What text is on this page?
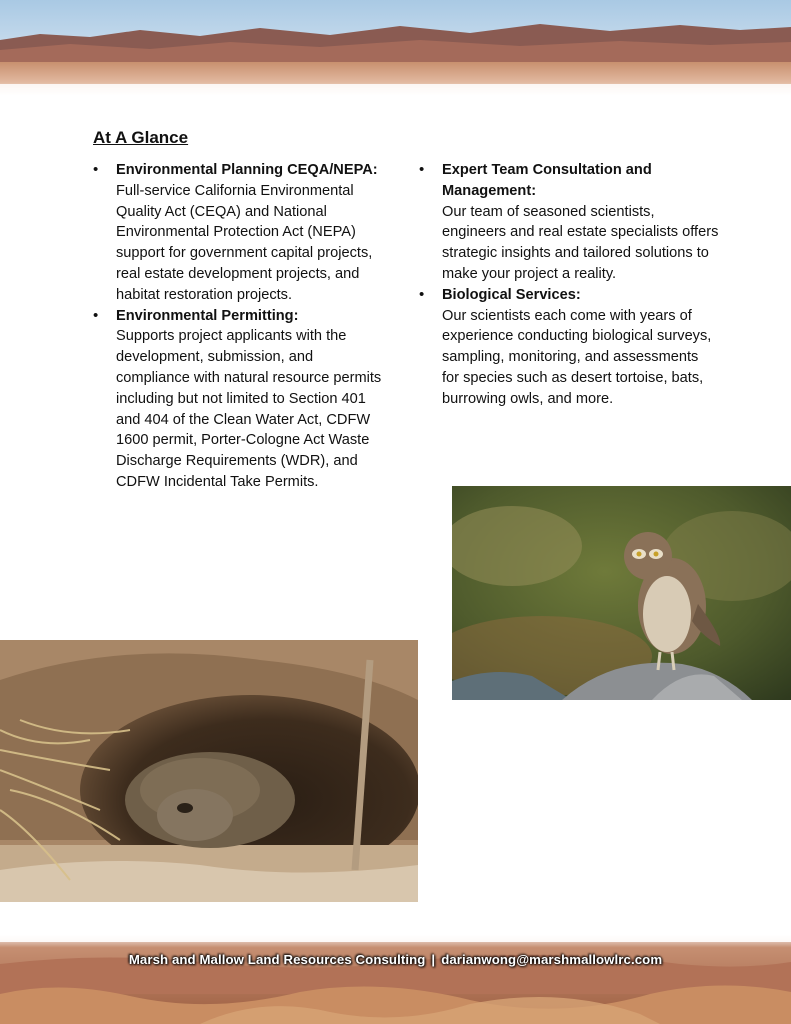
At A Glance
• Environmental Planning CEQA/NEPA:
Full-service California Environmental Quality Act (CEQA) and National Environmental Protection Act (NEPA) support for government capital projects, real estate development projects, and habitat restoration projects.
• Environmental Permitting:
Supports project applicants with the development, submission, and compliance with natural resource permits including but not limited to Section 401 and 404 of the Clean Water Act, CDFW 1600 permit, Porter-Cologne Act Waste Discharge Requirements (WDR), and CDFW Incidental Take Permits.
• Expert Team Consultation and Management:
Our team of seasoned scientists, engineers and real estate specialists offers strategic insights and tailored solutions to make your project a reality.
• Biological Services:
Our scientists each come with years of experience conducting biological surveys, sampling, monitoring, and assessments for species such as desert tortoise, bats, burrowing owls, and more.
Marsh and Mallow Land Resources Consulting | darianwong@marshmallowlrc.com
